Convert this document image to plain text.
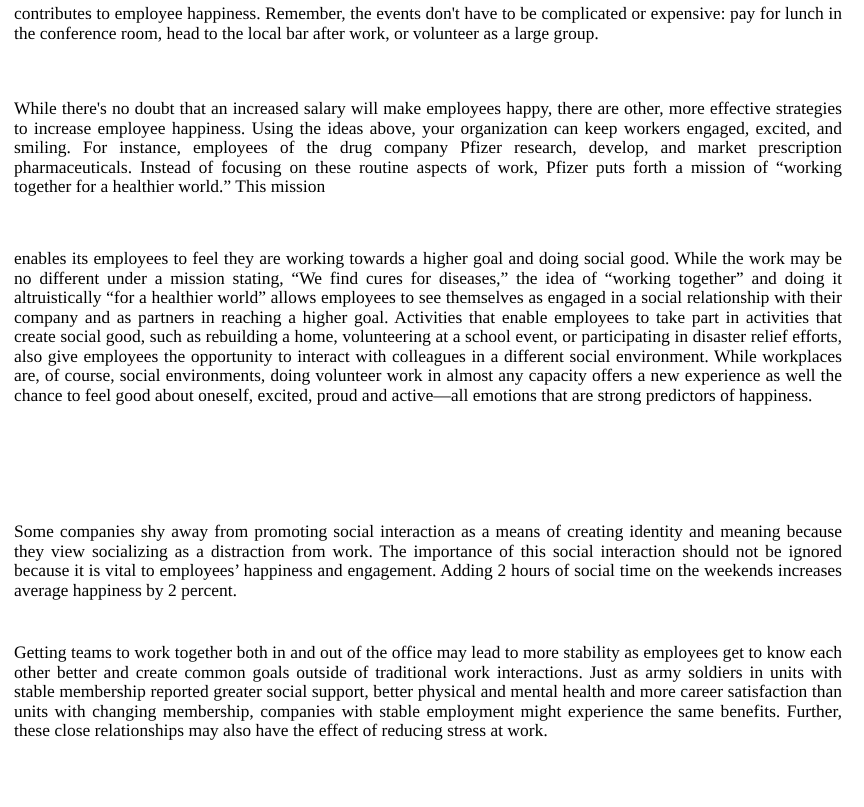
contributes to employee happiness. Remember, the events don't have to be complicated or expensive: pay for lunch in the conference room, head to the local bar after work, or volunteer as a large group.

While there's no doubt that an increased salary will make employees happy, there are other, more effective strategies to increase employee happiness. Using the ideas above, your organization can keep workers engaged, excited, and smiling. For instance, employees of the drug company Pfizer research, develop, and market prescription pharmaceuticals. Instead of focusing on these routine aspects of work, Pfizer puts forth a mission of “working together for a healthier world.” This mission

enables its employees to feel they are working towards a higher goal and doing social good. While the work may be no different under a mission stating, “We find cures for diseases,” the idea of “working together” and doing it altruistically “for a healthier world” allows employees to see themselves as engaged in a social relationship with their company and as partners in reaching a higher goal. Activities that enable employees to take part in activities that create social good, such as rebuilding a home, volunteering at a school event, or participating in disaster relief efforts, also give employees the opportunity to interact with colleagues in a different social environment. While workplaces are, of course, social environments, doing volunteer work in almost any capacity offers a new experience as well the chance to feel good about oneself, excited, proud and active—all emotions that are strong predictors of happiness.

Some companies shy away from promoting social interaction as a means of creating identity and meaning because they view socializing as a distraction from work. The importance of this social interaction should not be ignored because it is vital to employees’ happiness and engagement. Adding 2 hours of social time on the weekends increases average happiness by 2 percent.

Getting teams to work together both in and out of the office may lead to more stability as employees get to know each other better and create common goals outside of traditional work interactions. Just as army soldiers in units with stable membership reported greater social support, better physical and mental health and more career satisfaction than units with changing membership, companies with stable employment might experience the same benefits. Further, these close relationships may also have the effect of reducing stress at work.
